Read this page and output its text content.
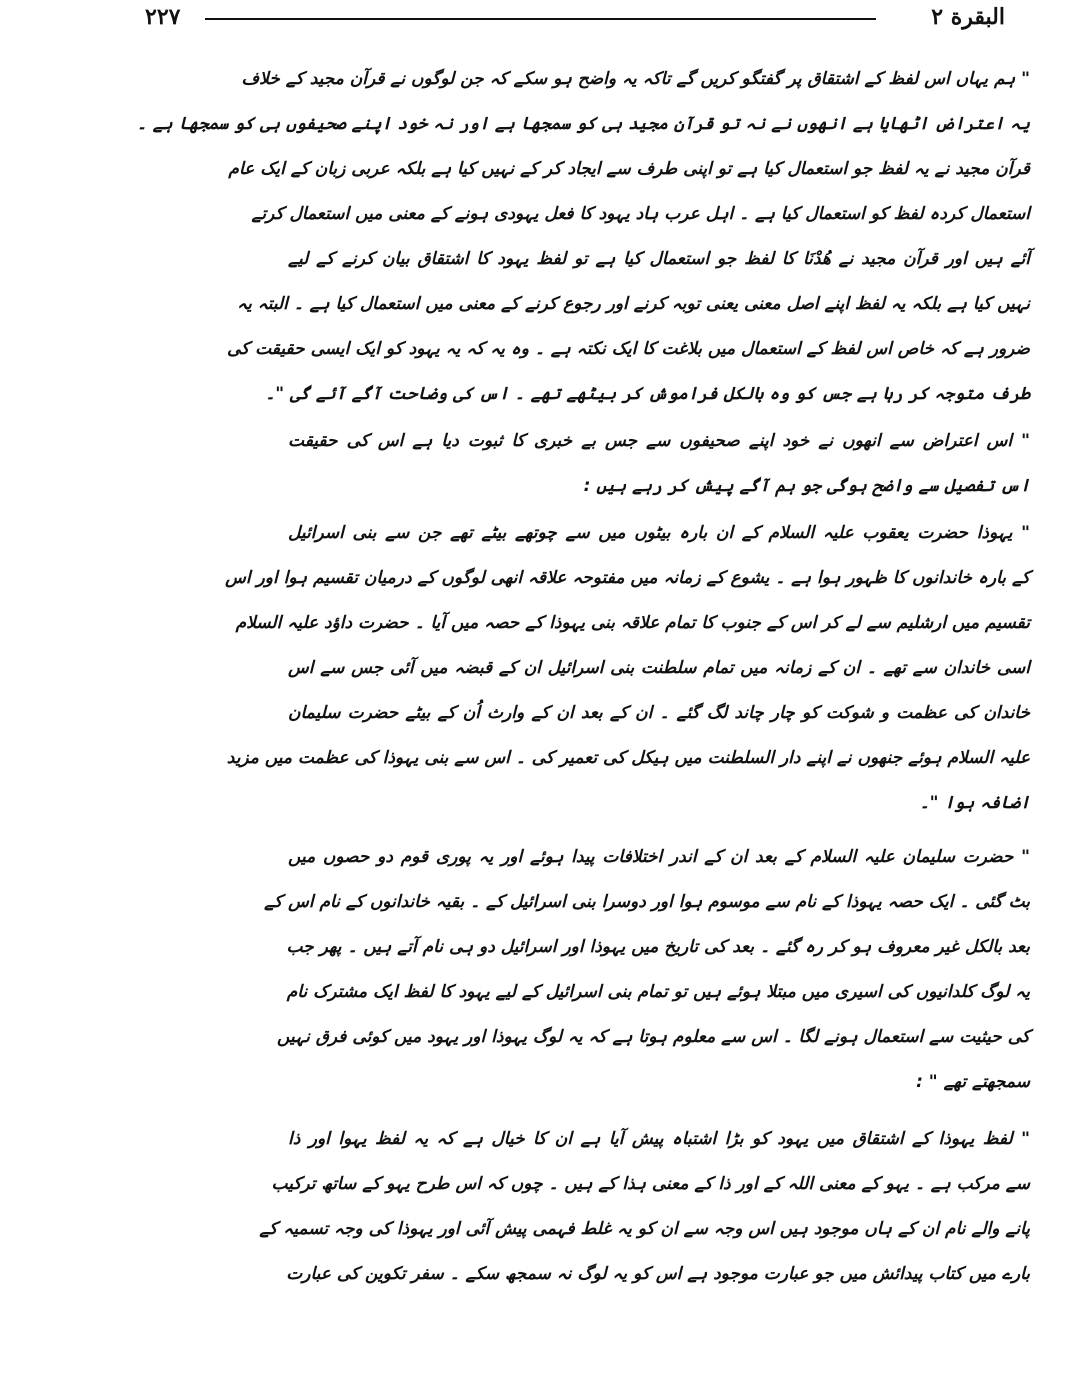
البقرة ۲
۲۲۷
" ہم یہاں اس لفظ کے اشتقاق پر گفتگو کریں گے تاکہ یہ واضح ہو سکے کہ جن لوگوں نے قرآن مجید کے خلاف
یہ اعتراض اٹھایا ہے انھوں نے نہ تو قرآن مجید ہی کو سمجھا ہے اور نہ خود اپنے صحیفوں ہی کو سمجھا ہے ۔
قرآن مجید نے یہ لفظ جو استعمال کیا ہے تو اپنی طرف سے ایجاد کر کے نہیں کیا ہے بلکہ عربی زبان کے ایک عام
استعمال کردہ لفظ کو استعمال کیا ہے ۔ اہل عرب ہاد یہود کا فعل یہودی ہونے کے معنی میں استعمال کرتے
آئے ہیں اور قرآن مجید نے ھُدْنَا کا لفظ جو استعمال کیا ہے تو لفظ یہود کا اشتقاق بیان کرنے کے لیے
نہیں کیا ہے بلکہ یہ لفظ اپنے اصل معنی یعنی توبہ کرنے اور رجوع کرنے کے معنی میں استعمال کیا ہے ۔ البتہ یہ
ضرور ہے کہ خاص اس لفظ کے استعمال میں بلاغت کا ایک نکتہ ہے ۔ وہ یہ کہ یہ یہود کو ایک ایسی حقیقت کی
طرف متوجہ کر رہا ہے جس کو وہ بالکل فراموش کر بیٹھے تھے ۔ اس کی وضاحت آگے آئے گی "۔
" اس اعتراض سے انھوں نے خود اپنے صحیفوں سے جس بے خبری کا ثبوت دیا ہے اس کی حقیقت
اس تفصیل سے واضح ہوگی جو ہم آگے پیش کر رہے ہیں :
" یہوذا حضرت یعقوب علیہ السلام کے ان بارہ بیٹوں میں سے چوتھے بیٹے تھے جن سے بنی اسرائیل
کے بارہ خاندانوں کا ظہور ہوا ہے ۔ یشوع کے زمانہ میں مفتوحہ علاقہ انھی لوگوں کے درمیان تقسیم ہوا اور اس
تقسیم میں ارشلیم سے لے کر اس کے جنوب کا تمام علاقہ بنی یہوذا کے حصہ میں آیا ۔ حضرت داؤد علیہ السلام
اسی خاندان سے تھے ۔ ان کے زمانہ میں تمام سلطنت بنی اسرائیل ان کے قبضہ میں آئی جس سے اس
خاندان کی عظمت و شوکت کو چار چاند لگ گئے ۔ ان کے بعد ان کے وارث اُن کے بیٹے حضرت سلیمان
علیہ السلام ہوئے جنھوں نے اپنے دار السلطنت میں ہیکل کی تعمیر کی ۔ اس سے بنی یہوذا کی عظمت میں مزید
اضافہ ہوا "۔
" حضرت سلیمان علیہ السلام کے بعد ان کے اندر اختلافات پیدا ہوئے اور یہ پوری قوم دو حصوں میں
بٹ گئی ۔ ایک حصہ یہوذا کے نام سے موسوم ہوا اور دوسرا بنی اسرائیل کے ۔ بقیہ خاندانوں کے نام اس کے
بعد بالکل غیر معروف ہو کر رہ گئے ۔ بعد کی تاریخ میں یہوذا اور اسرائیل دو ہی نام آتے ہیں ۔ پھر جب
یہ لوگ کلدانیوں کی اسیری میں مبتلا ہوئے ہیں تو تمام بنی اسرائیل کے لیے یہود کا لفظ ایک مشترک نام
کی حیثیت سے استعمال ہونے لگا ۔ اس سے معلوم ہوتا ہے کہ یہ لوگ یہوذا اور یہود میں کوئی فرق نہیں
سمجھتے تھے " :
" لفظ یہوذا کے اشتقاق میں یہود کو بڑا اشتباہ پیش آیا ہے ان کا خیال ہے کہ یہ لفظ یہوا اور ذا
سے مرکب ہے ۔ یہو کے معنی اللہ کے اور ذا کے معنی ہذا کے ہیں ۔ چوں کہ اس طرح یہو کے ساتھ ترکیب
پانے والے نام ان کے ہاں موجود ہیں اس وجہ سے ان کو یہ غلط فہمی پیش آئی اور یہوذا کی وجہ تسمیہ کے
بارے میں کتاب پیدائش میں جو عبارت موجود ہے اس کو یہ لوگ نہ سمجھ سکے ۔ سفر تکوین کی عبارت
